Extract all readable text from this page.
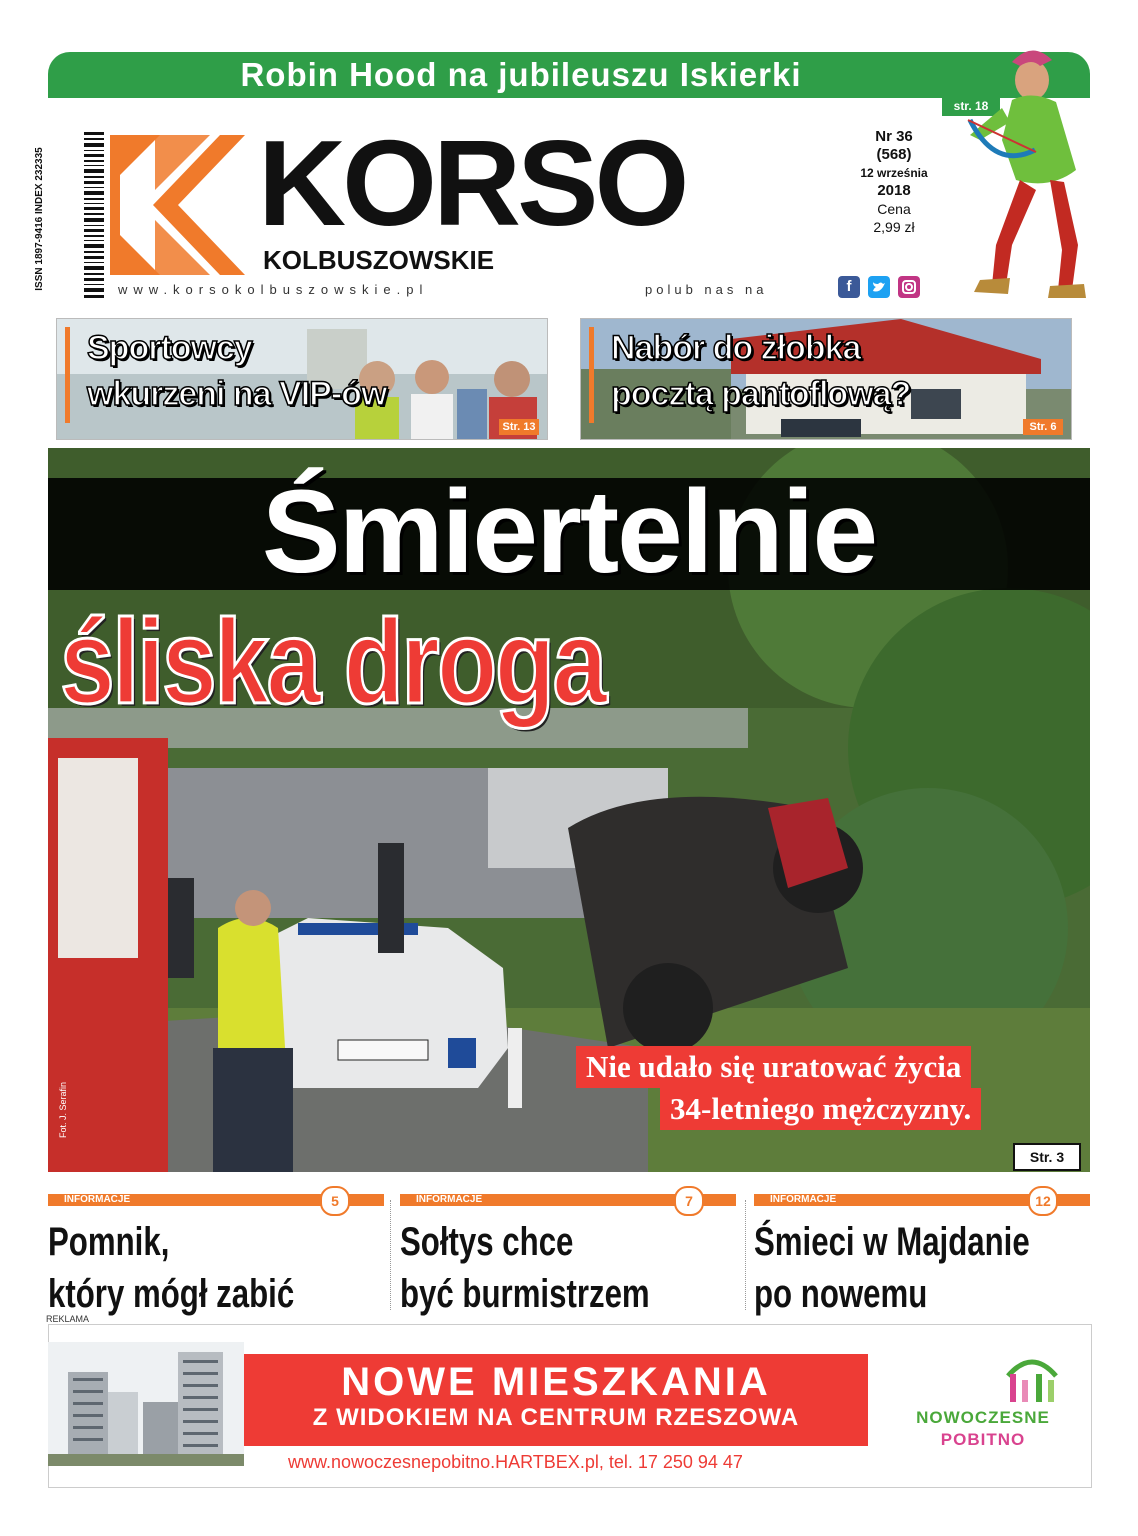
Robin Hood na jubileuszu Iskierki
str. 18
ISSN 1897-9416 INDEX 232335 KORSO
KOLBUSZOWSKIE
www.korsokolbuszowskie.pl	polub nas na	f
Nr 36
(568)
12 września
2018
Cena
2,99 zł
Sportowcy
wkurzeni na VIP-ów
Str. 13
Nabór do żłobka
pocztą pantoflową?
Str. 6
Śmiertelnie
śliska droga
Nie udało się uratować życia
34-letniego mężczyzny.
Fot. J. Serafin
Str. 3
INFORMACJE	5
Pomnik,
który mógł zabić
INFORMACJE	7
Sołtys chce
być burmistrzem
INFORMACJE	12
Śmieci w Majdanie
po nowemu
REKLAMA
NOWE MIESZKANIA
Z WIDOKIEM NA CENTRUM RZESZOWA
www.nowoczesnepobitno.HARTBEX.pl, tel. 17 250 94 47
NOWOCZESNE
POBITNO
